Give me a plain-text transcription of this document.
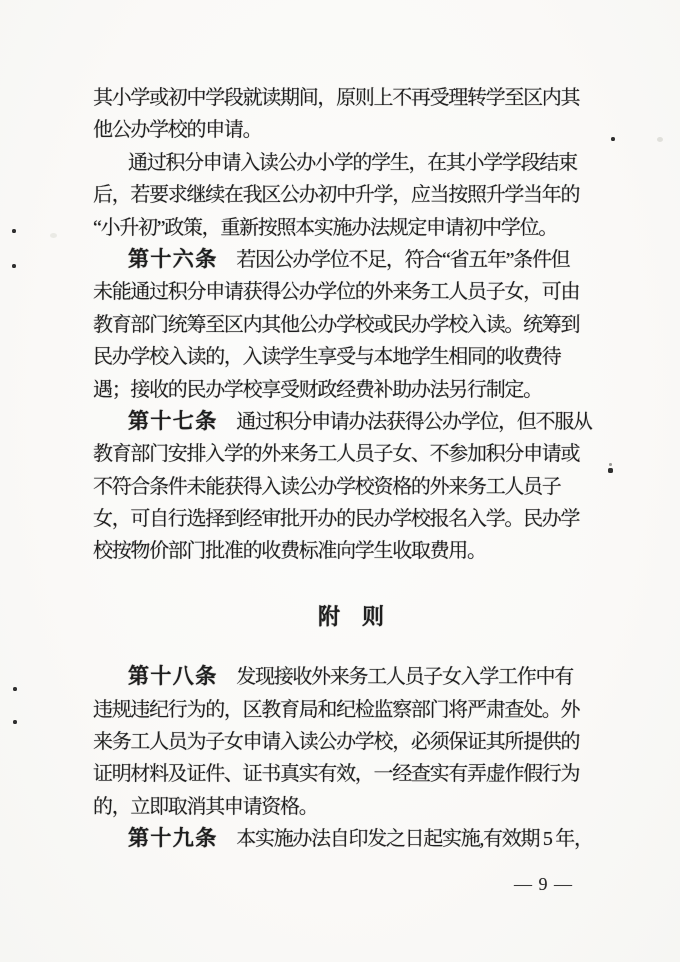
其小学或初中学段就读期间，原则上不再受理转学至区内其
他公办学校的申请。
通过积分申请入读公办小学的学生，在其小学学段结束
后，若要求继续在我区公办初中升学，应当按照升学当年的
“小升初”政策，重新按照本实施办法规定申请初中学位。
第十六条　若因公办学位不足，符合“省五年”条件但
未能通过积分申请获得公办学位的外来务工人员子女，可由
教育部门统筹至区内其他公办学校或民办学校入读。统筹到
民办学校入读的，入读学生享受与本地学生相同的收费待
遇；接收的民办学校享受财政经费补助办法另行制定。
第十七条　通过积分申请办法获得公办学位，但不服从
教育部门安排入学的外来务工人员子女、不参加积分申请或
不符合条件未能获得入读公办学校资格的外来务工人员子
女，可自行选择到经审批开办的民办学校报名入学。民办学
校按物价部门批准的收费标准向学生收取费用。
附　则
第十八条　发现接收外来务工人员子女入学工作中有
违规违纪行为的，区教育局和纪检监察部门将严肃查处。外
来务工人员为子女申请入读公办学校，必须保证其所提供的
证明材料及证件、证书真实有效，一经查实有弄虚作假行为
的，立即取消其申请资格。
第十九条　本实施办法自印发之日起实施,有效期 5 年，
— 9 —
